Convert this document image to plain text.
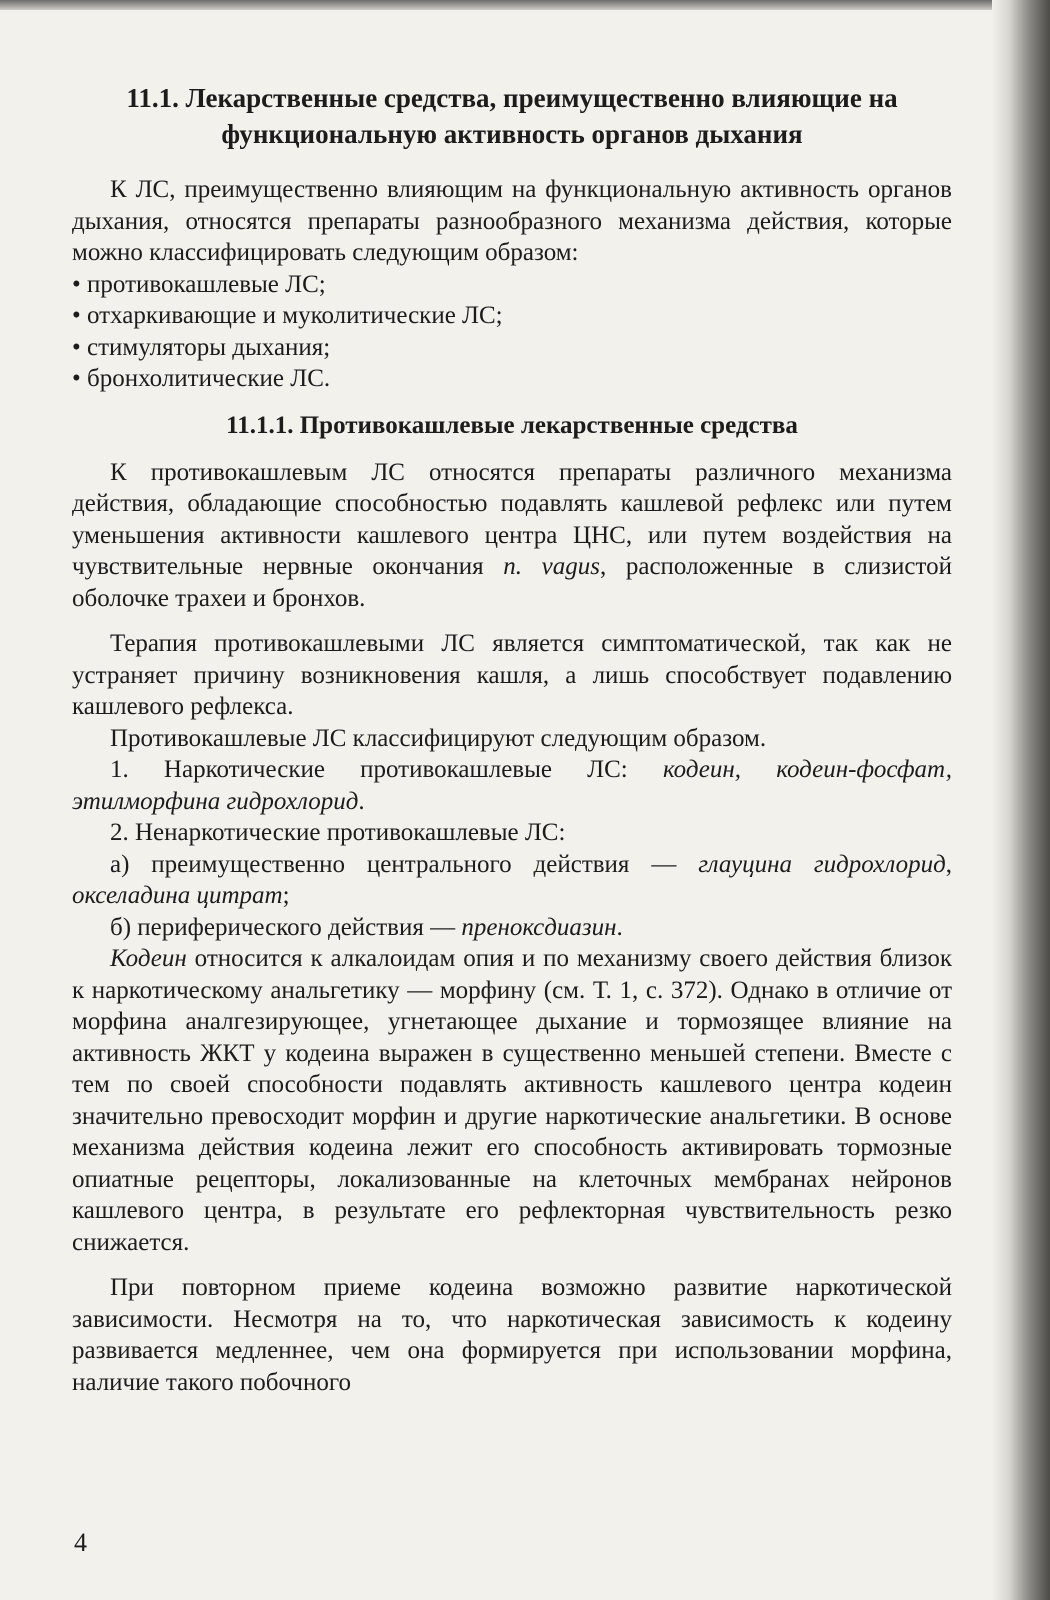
11.1. Лекарственные средства, преимущественно влияющие на функциональную активность органов дыхания

К ЛС, преимущественно влияющим на функциональную активность органов дыхания, относятся препараты разнообразного механизма действия, которые можно классифицировать следующим образом:

• противокашлевые ЛС;
• отхаркивающие и муколитические ЛС;
• стимуляторы дыхания;
• бронхолитические ЛС.
11.1.1. Противокашлевые лекарственные средства

К противокашлевым ЛС относятся препараты различного механизма действия, обладающие способностью подавлять кашлевой рефлекс или путем уменьшения активности кашлевого центра ЦНС, или путем воздействия на чувствительные нервные окончания n. vagus, расположенные в слизистой оболочке трахеи и бронхов.

Терапия противокашлевыми ЛС является симптоматической, так как не устраняет причину возникновения кашля, а лишь способствует подавлению кашлевого рефлекса.

Противокашлевые ЛС классифицируют следующим образом.

1. Наркотические противокашлевые ЛС: кодеин, кодеин-фосфат, этилморфина гидрохлорид.

2. Ненаркотические противокашлевые ЛС:

а) преимущественно центрального действия — глауцина гидрохлорид, окселадина цитрат;

б) периферического действия — преноксдиазин.

Кодеин относится к алкалоидам опия и по механизму своего действия близок к наркотическому анальгетику — морфину (см. Т. 1, с. 372). Однако в отличие от морфина аналгезирующее, угнетающее дыхание и тормозящее влияние на активность ЖКТ у кодеина выражен в существенно меньшей степени. Вместе с тем по своей способности подавлять активность кашлевого центра кодеин значительно превосходит морфин и другие наркотические анальгетики. В основе механизма действия кодеина лежит его способность активировать тормозные опиатные рецепторы, локализованные на клеточных мембранах нейронов кашлевого центра, в результате его рефлекторная чувствительность резко снижается.

При повторном приеме кодеина возможно развитие наркотической зависимости. Несмотря на то, что наркотическая зависимость к кодеину развивается медленнее, чем она формируется при использовании морфина, наличие такого побочного

4
